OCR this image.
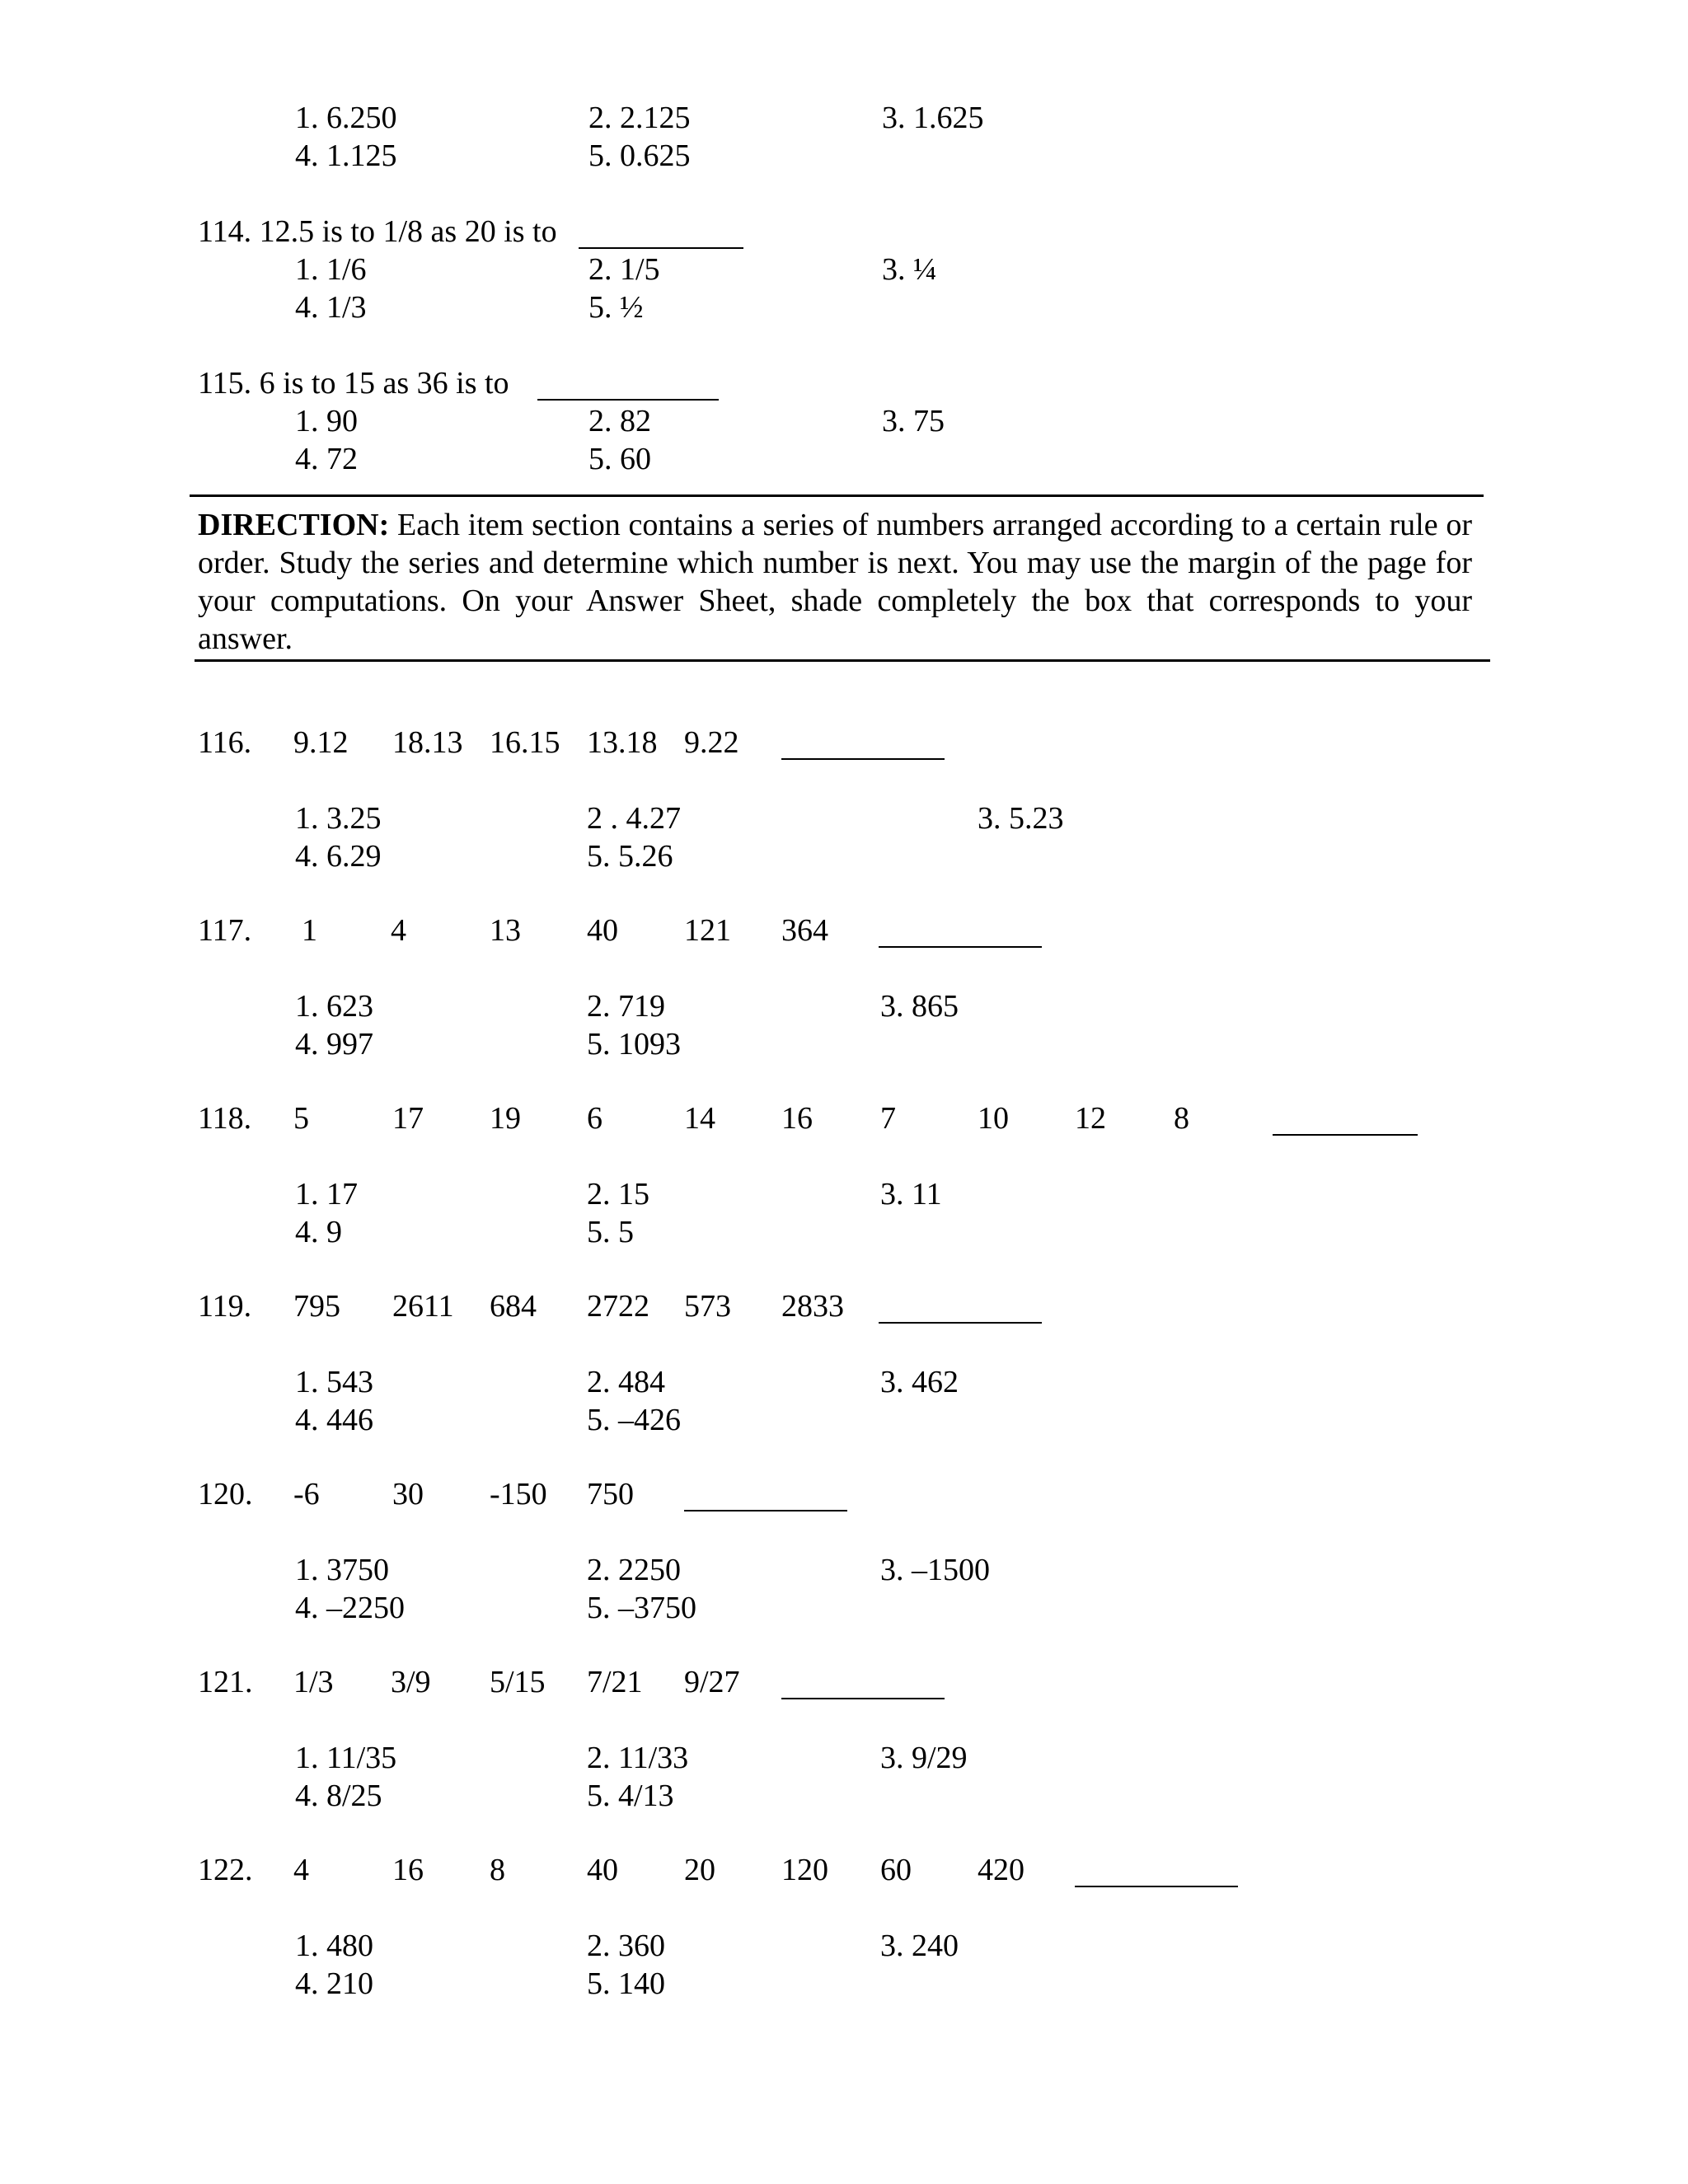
1. 6.250	2. 2.125	3. 1.625
4. 1.125	5. 0.625
114. 12.5 is to 1/8 as 20 is to
1. 1/6	2. 1/5	3. ¼
4. 1/3	5. ½
115. 6 is to 15 as 36 is to
1. 90	2. 82	3. 75
4. 72	5. 60
DIRECTION: Each item section contains a series of numbers arranged according to a certain rule or order. Study the series and determine which number is next. You may use the margin of the page for your computations. On your Answer Sheet, shade completely the box that corresponds to your answer.
116. 9.12 18.13 16.15 13.18 9.22
1. 3.25	2 . 4.27	3. 5.23
4. 6.29	5. 5.26
117. 1 4	13 40 121 364
1. 623	2. 719	3. 865
4. 997	5. 1093
118. 5	17 19 6	14 16 7	10 12 8
1. 17	2. 15	3. 11
4. 9	5. 5
119. 795 2611 684 2722 573 2833
1. 543	2. 484	3. 462
4. 446	5. –426
120. -6 30 -150 750
1. 3750	2. 2250	3. –1500
4. –2250	5. –3750
121. 1/3 3/9 5/15 7/21 9/27
1. 11/35	2. 11/33	3. 9/29
4. 8/25	5. 4/13
122. 4	16 8	40 20 120 60 420
1. 480	2. 360	3. 240
4. 210	5. 140
